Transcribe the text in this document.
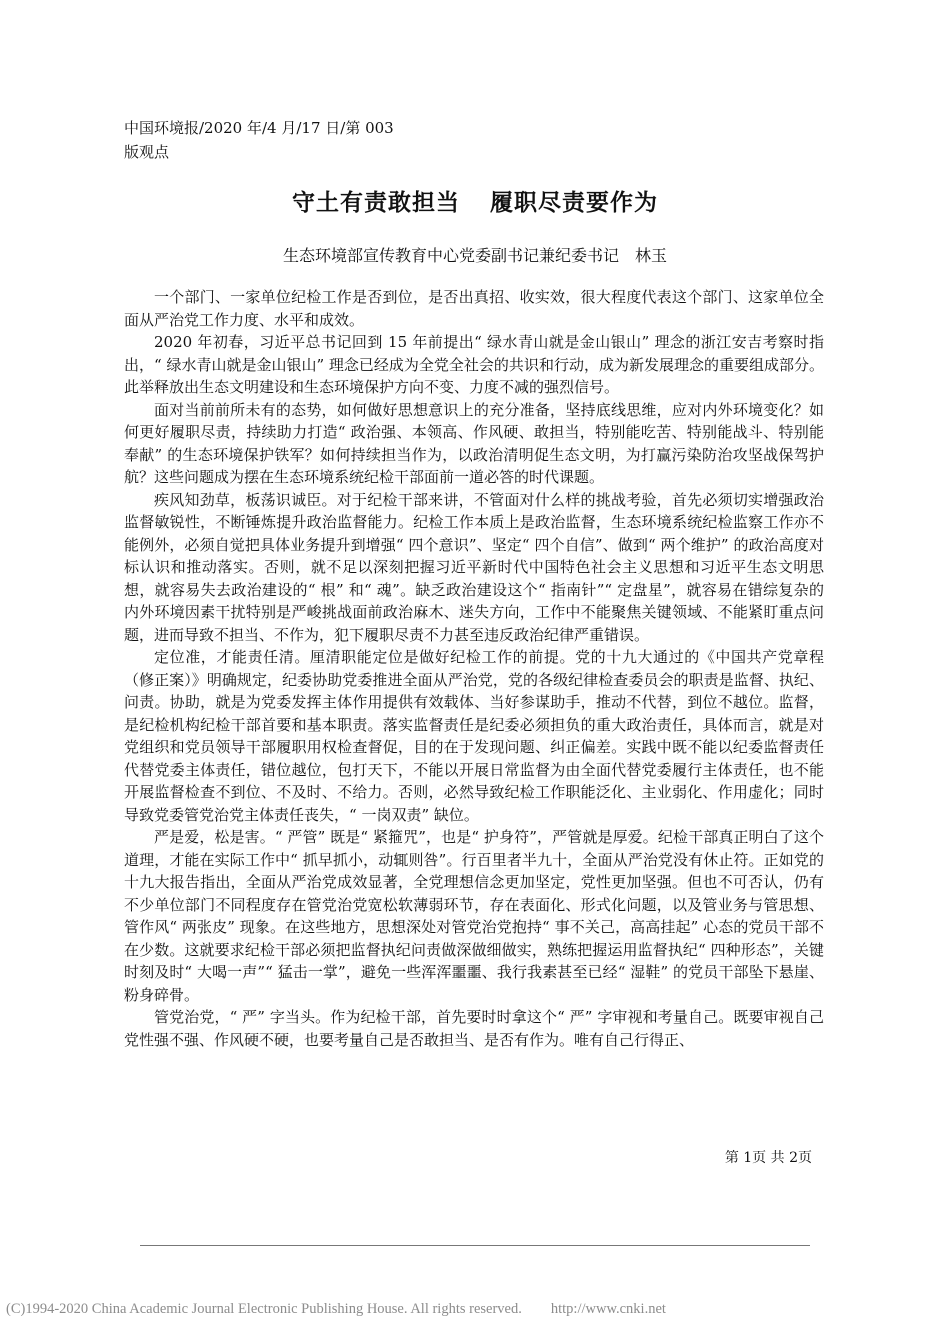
中国环境报/2020 年/4 月/17 日/第 003
版观点
守土有责敢担当 履职尽责要作为
生态环境部宣传教育中心党委副书记兼纪委书记　林玉

一个部门、一家单位纪检工作是否到位，是否出真招、收实效，很大程度代表这个部门、这家单位全面从严治党工作力度、水平和成效。

2020 年初春，习近平总书记回到 15 年前提出“ 绿水青山就是金山银山” 理念的浙江安吉考察时指出，“ 绿水青山就是金山银山” 理念已经成为全党全社会的共识和行动，成为新发展理念的重要组成部分。此举释放出生态文明建设和生态环境保护方向不变、力度不减的强烈信号。

面对当前前所未有的态势，如何做好思想意识上的充分准备，坚持底线思维，应对内外环境变化？如何更好履职尽责，持续助力打造“ 政治强、本领高、作风硬、敢担当，特别能吃苦、特别能战斗、特别能奉献” 的生态环境保护铁军？如何持续担当作为，以政治清明促生态文明，为打赢污染防治攻坚战保驾护航？这些问题成为摆在生态环境系统纪检干部面前一道必答的时代课题。

疾风知劲草，板荡识诚臣。对于纪检干部来讲，不管面对什么样的挑战考验，首先必须切实增强政治监督敏锐性，不断锤炼提升政治监督能力。纪检工作本质上是政治监督，生态环境系统纪检监察工作亦不能例外，必须自觉把具体业务提升到增强“ 四个意识”、坚定“ 四个自信”、做到“ 两个维护” 的政治高度对标认识和推动落实。否则，就不足以深刻把握习近平新时代中国特色社会主义思想和习近平生态文明思想，就容易失去政治建设的“ 根” 和“ 魂”。缺乏政治建设这个“ 指南针”“ 定盘星”，就容易在错综复杂的内外环境因素干扰特别是严峻挑战面前政治麻木、迷失方向，工作中不能聚焦关键领域、不能紧盯重点问题，进而导致不担当、不作为，犯下履职尽责不力甚至违反政治纪律严重错误。

定位准，才能责任清。厘清职能定位是做好纪检工作的前提。党的十九大通过的《中国共产党章程（修正案）》明确规定，纪委协助党委推进全面从严治党，党的各级纪律检查委员会的职责是监督、执纪、问责。协助，就是为党委发挥主体作用提供有效载体、当好参谋助手，推动不代替，到位不越位。监督，是纪检机构纪检干部首要和基本职责。落实监督责任是纪委必须担负的重大政治责任，具体而言，就是对党组织和党员领导干部履职用权检查督促，目的在于发现问题、纠正偏差。实践中既不能以纪委监督责任代替党委主体责任，错位越位，包打天下，不能以开展日常监督为由全面代替党委履行主体责任，也不能开展监督检查不到位、不及时、不给力。否则，必然导致纪检工作职能泛化、主业弱化、作用虚化；同时导致党委管党治党主体责任丧失，“ 一岗双责” 缺位。

严是爱，松是害。“ 严管” 既是“ 紧箍咒”，也是“ 护身符”，严管就是厚爱。纪检干部真正明白了这个道理，才能在实际工作中“ 抓早抓小，动辄则咎”。行百里者半九十，全面从严治党没有休止符。正如党的十九大报告指出，全面从严治党成效显著，全党理想信念更加坚定，党性更加坚强。但也不可否认，仍有不少单位部门不同程度存在管党治党宽松软薄弱环节，存在表面化、形式化问题，以及管业务与管思想、管作风“ 两张皮” 现象。在这些地方，思想深处对管党治党抱持“ 事不关己，高高挂起” 心态的党员干部不在少数。这就要求纪检干部必须把监督执纪问责做深做细做实，熟练把握运用监督执纪“ 四种形态”，关键时刻及时“ 大喝一声”“ 猛击一掌”，避免一些浑浑噩噩、我行我素甚至已经“ 湿鞋” 的党员干部坠下悬崖、粉身碎骨。

管党治党，“ 严” 字当头。作为纪检干部，首先要时时拿这个“ 严” 字审视和考量自己。既要审视自己党性强不强、作风硬不硬，也要考量自己是否敢担当、是否有作为。唯有自己行得正、

第 1页 共 2页
(C)1994-2020 China Academic Journal Electronic Publishing House. All rights reserved.　　http://www.cnki.net
